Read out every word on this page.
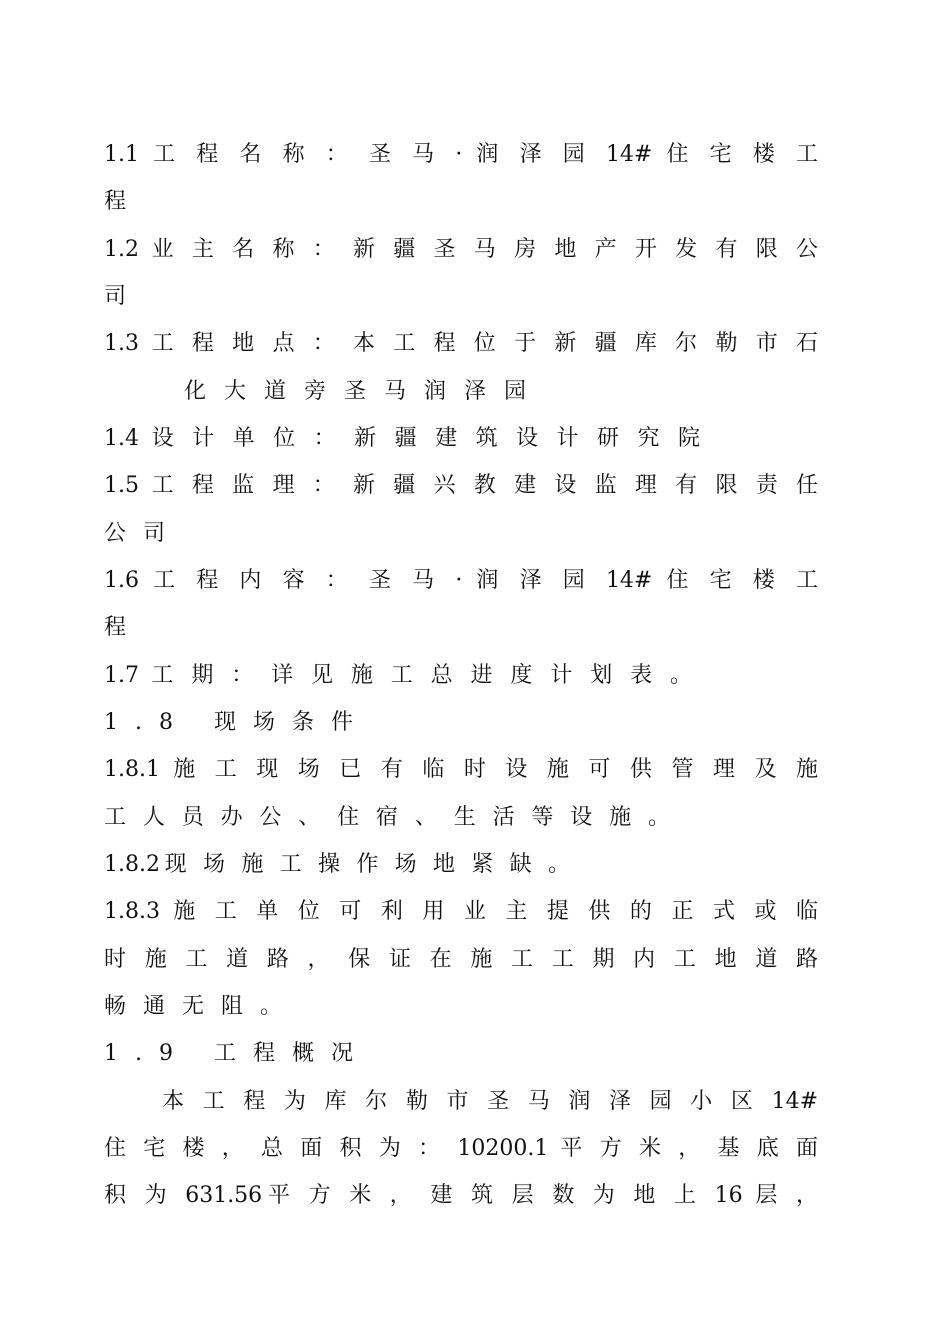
1.1 工 程 名 称 ： 圣 马 · 润 泽 园 14# 住 宅 楼 工
程
1.2 业 主 名 称 ： 新 疆 圣 马 房 地 产 开 发 有 限 公
司
1.3 工 程 地 点 ： 本 工 程 位 于 新 疆 库 尔 勒 市 石
化大道旁圣马润泽园
1.4 设 计 单 位 ： 新 疆 建 筑 设 计 研 究 院
1.5 工 程 监 理 ： 新 疆 兴 教 建 设 监 理 有 限 责 任
公司
1.6 工 程 内 容 ： 圣 马 · 润 泽 园 14# 住 宅 楼 工
程
1.7 工 期 ： 详 见 施 工 总 进 度 计 划 表 。
1.8 现场条件
1.8.1 施 工 现 场 已 有 临 时 设 施 可 供 管 理 及 施
工 人 员 办 公 、 住 宿 、 生 活 等 设 施 。
1.8.2现 场 施 工 操 作 场 地 紧 缺 。
1.8.3 施 工 单 位 可 利 用 业 主 提 供 的 正 式 或 临
时 施 工 道 路 ， 保 证 在 施 工 工 期 内 工 地 道 路
畅通无阻。
1.9 工程概况
本 工 程 为 库 尔 勒 市 圣 马 润 泽 园 小 区 14#
住 宅 楼 ， 总 面 积 为 ： 10200.1 平 方 米 ， 基 底 面
积 为 631.56平 方 米 ， 建 筑 层 数 为 地 上 16 层 ，
